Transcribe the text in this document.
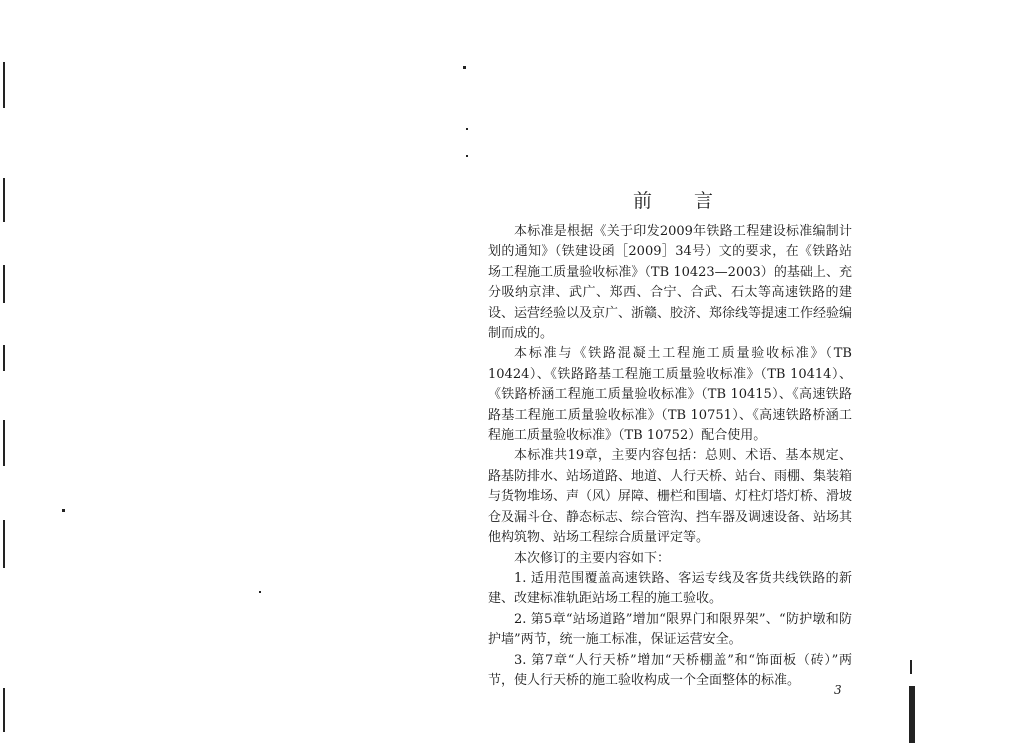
前言

本标准是根据《关于印发2009年铁路工程建设标准编制计划的通知》（铁建设函［2009］34号）文的要求，在《铁路站场工程施工质量验收标准》（TB 10423—2003）的基础上、充分吸纳京津、武广、郑西、合宁、合武、石太等高速铁路的建设、运营经验以及京广、浙赣、胶济、郑徐线等提速工作经验编制而成的。

本标准与《铁路混凝土工程施工质量验收标准》（TB 10424）、《铁路路基工程施工质量验收标准》（TB 10414）、《铁路桥涵工程施工质量验收标准》（TB 10415）、《高速铁路路基工程施工质量验收标准》（TB 10751）、《高速铁路桥涵工程施工质量验收标准》（TB 10752）配合使用。

本标准共19章，主要内容包括：总则、术语、基本规定、路基防排水、站场道路、地道、人行天桥、站台、雨棚、集装箱与货物堆场、声（风）屏障、栅栏和围墙、灯柱灯塔灯桥、滑坡仓及漏斗仓、静态标志、综合管沟、挡车器及调速设备、站场其他构筑物、站场工程综合质量评定等。

本次修订的主要内容如下：

1. 适用范围覆盖高速铁路、客运专线及客货共线铁路的新建、改建标准轨距站场工程的施工验收。

2. 第5章“站场道路”增加“限界门和限界架”、“防护墩和防护墙”两节，统一施工标准，保证运营安全。

3. 第7章“人行天桥”增加“天桥棚盖”和“饰面板（砖）”两节，使人行天桥的施工验收构成一个全面整体的标准。

3
